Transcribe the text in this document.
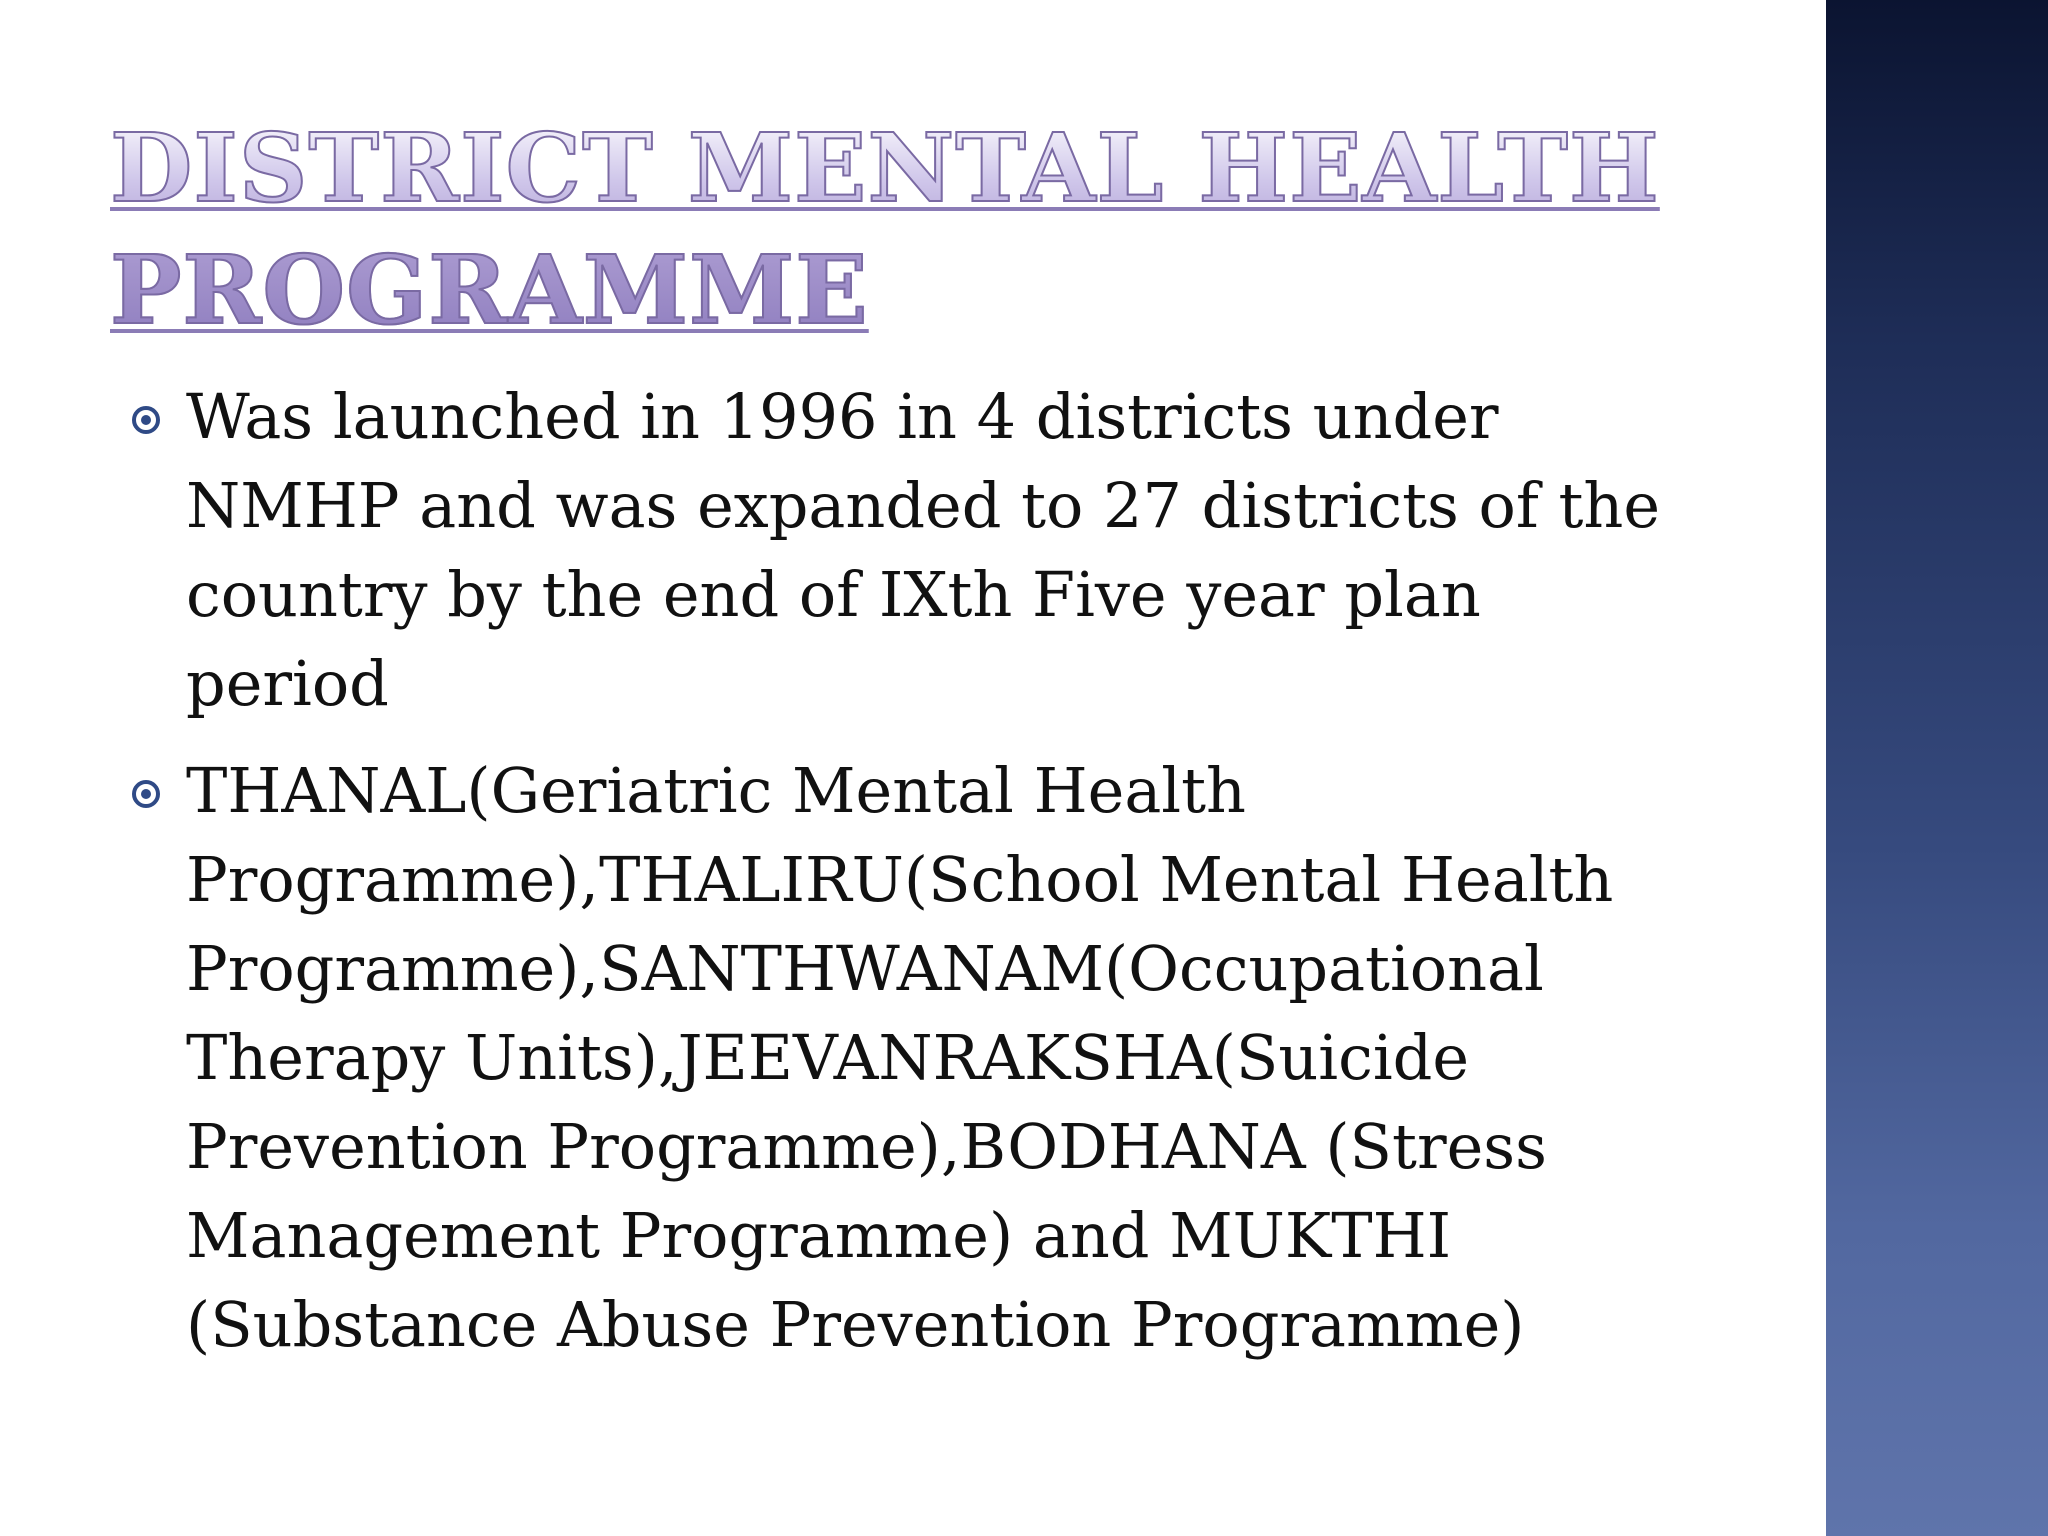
DISTRICT MENTAL HEALTH
PROGRAMME
Was launched in 1996 in 4 districts under
NMHP and was expanded to 27 districts of the
country by the end of IXth Five year plan
period
THANAL(Geriatric Mental Health
Programme),THALIRU(School Mental Health
Programme),SANTHWANAM(Occupational
Therapy Units),JEEVANRAKSHA(Suicide
Prevention Programme),BODHANA (Stress
Management Programme) and MUKTHI
(Substance Abuse Prevention Programme)
